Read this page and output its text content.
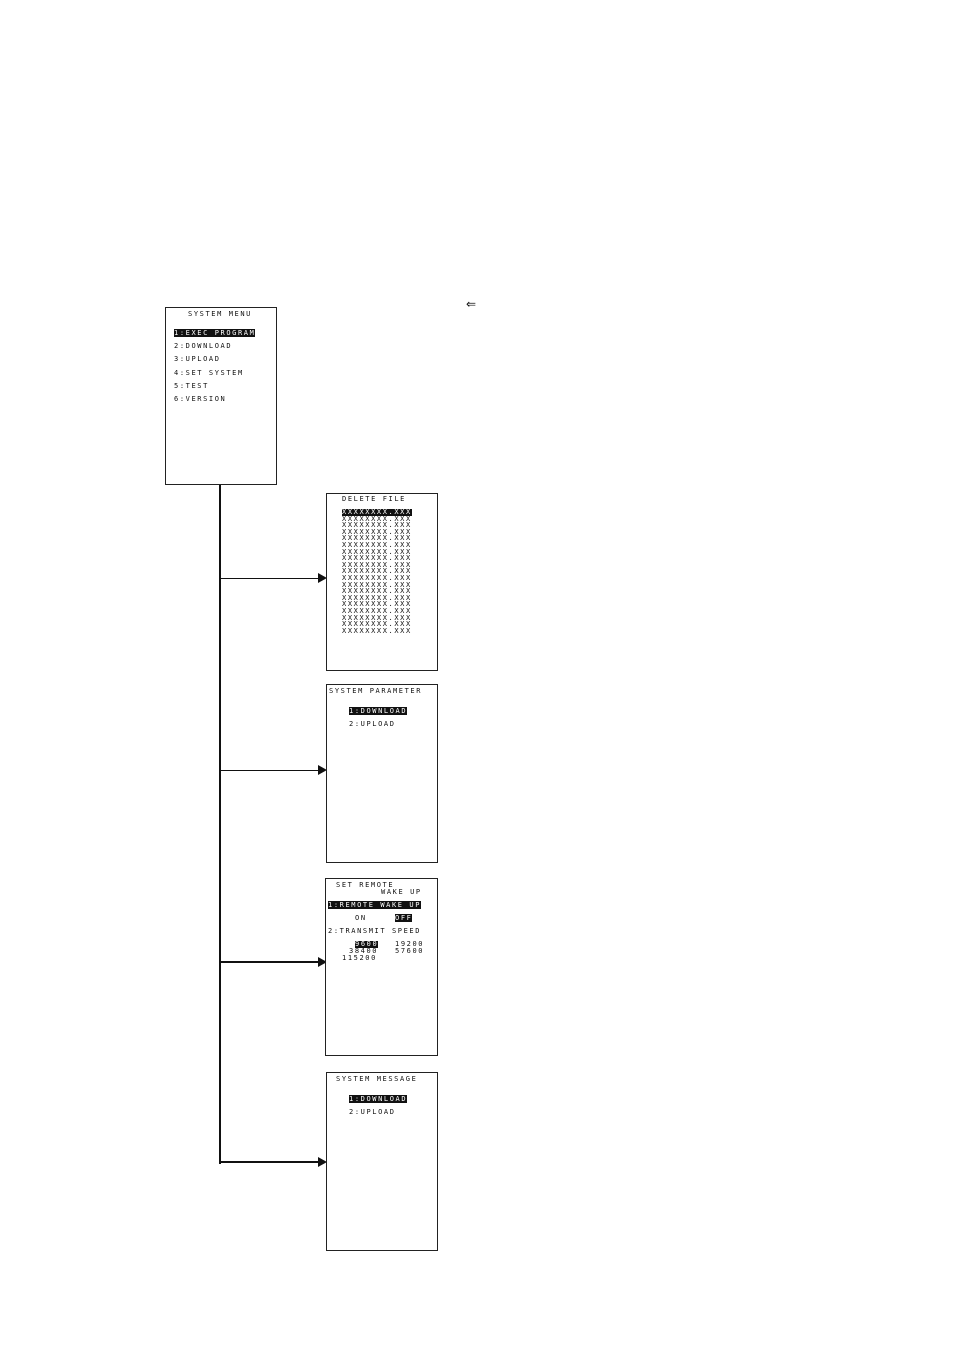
⇐
SYSTEM MENU
1:EXEC PROGRAM
2:DOWNLOAD
3:UPLOAD
4:SET SYSTEM
5:TEST
6:VERSION
DELETE FILE
XXXXXXXX.XXX
XXXXXXXX.XXX
XXXXXXXX.XXX
XXXXXXXX.XXX
XXXXXXXX.XXX
XXXXXXXX.XXX
XXXXXXXX.XXX
XXXXXXXX.XXX
XXXXXXXX.XXX
XXXXXXXX.XXX
XXXXXXXX.XXX
XXXXXXXX.XXX
XXXXXXXX.XXX
XXXXXXXX.XXX
XXXXXXXX.XXX
XXXXXXXX.XXX
XXXXXXXX.XXX
XXXXXXXX.XXX
XXXXXXXX.XXX
SYSTEM PARAMETER
1:DOWNLOAD
2:UPLOAD
SET REMOTE
WAKE UP
1:REMOTE WAKE UP
ON	OFF
2:TRANSMIT SPEED
9600 19200
38400 57600
115200
SYSTEM MESSAGE
1:DOWNLOAD
2:UPLOAD
